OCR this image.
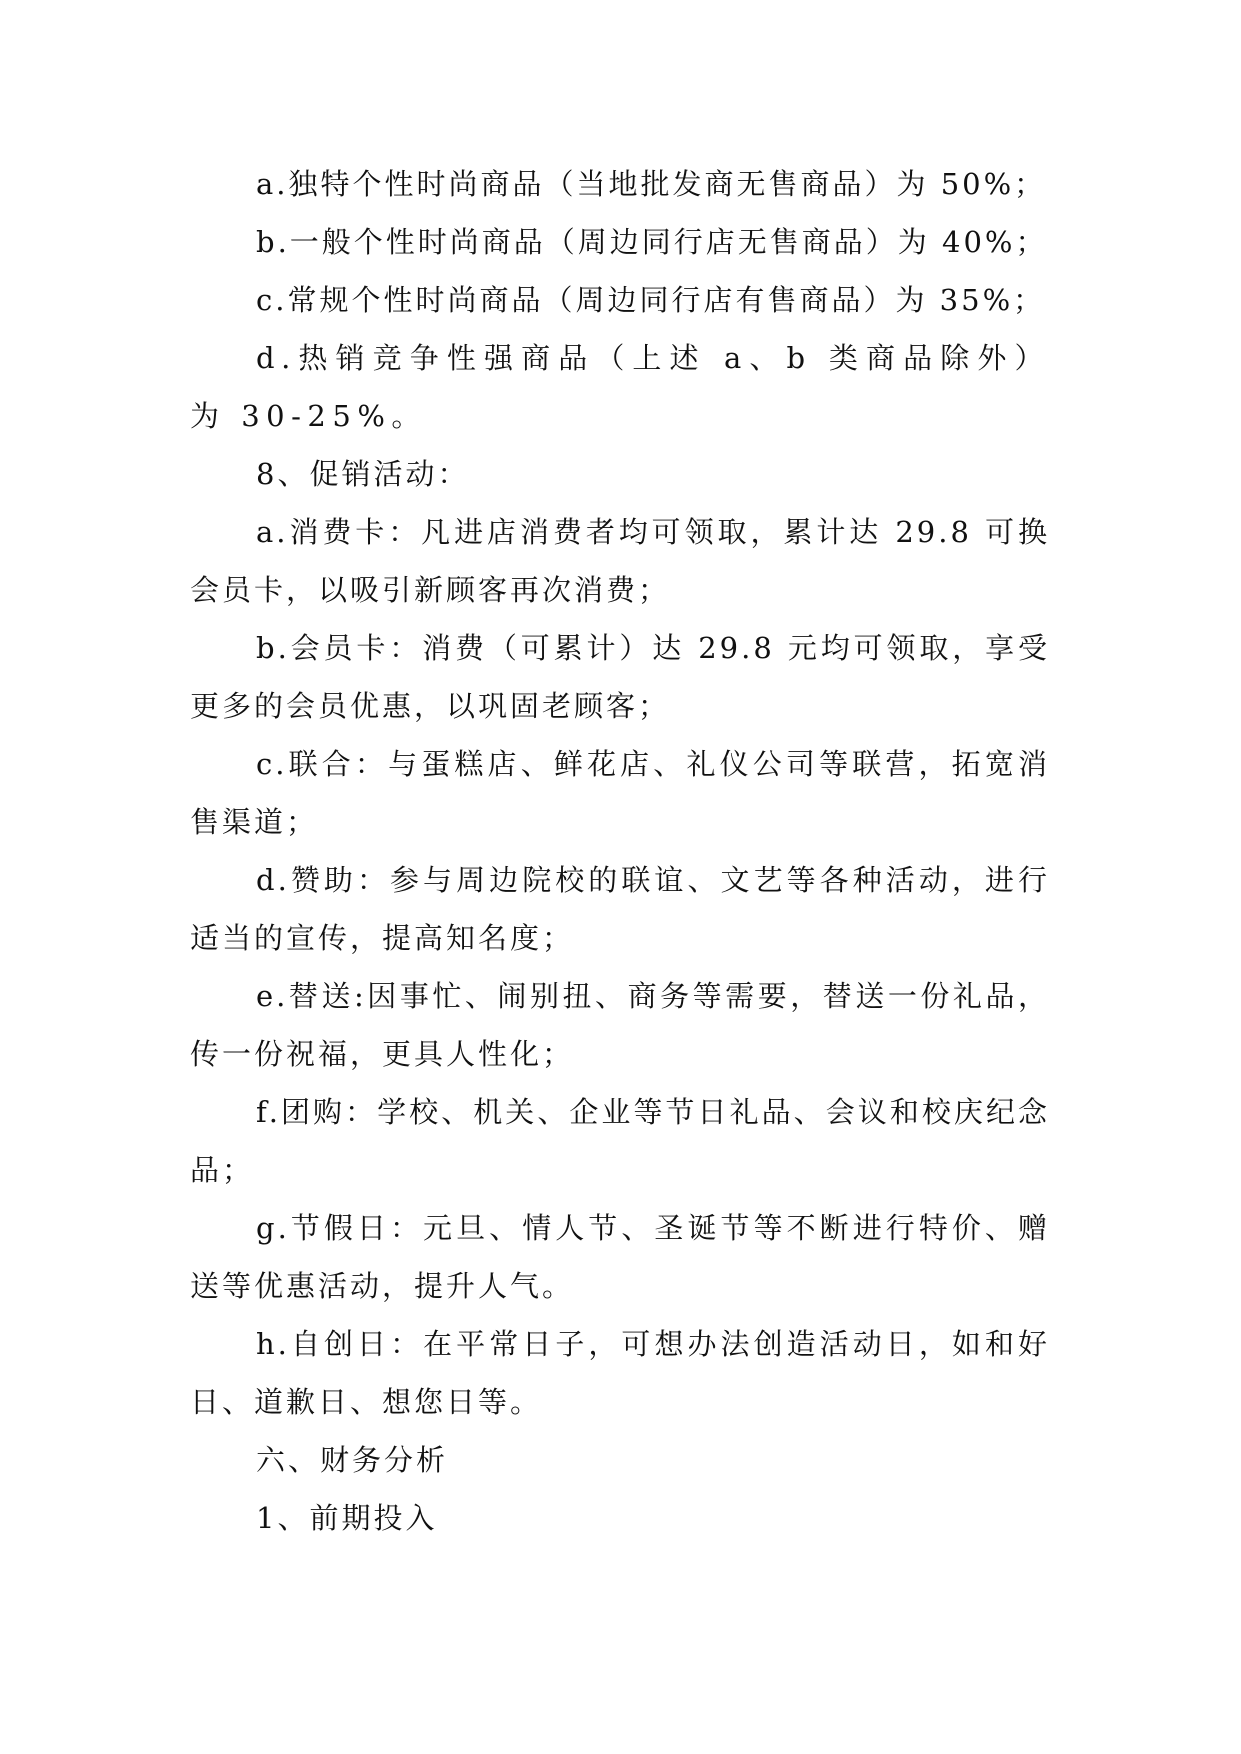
a.独特个性时尚商品（当地批发商无售商品）为 50%；

b.一般个性时尚商品（周边同行店无售商品）为 40%；

c.常规个性时尚商品（周边同行店有售商品）为 35%；

d.热销竞争性强商品（上述 a、b 类商品除外）为 30-25%。

8、促销活动：

a.消费卡：凡进店消费者均可领取，累计达 29.8 可换会员卡，以吸引新顾客再次消费；

b.会员卡：消费（可累计）达 29.8 元均可领取，享受更多的会员优惠，以巩固老顾客；

c.联合：与蛋糕店、鲜花店、礼仪公司等联营，拓宽消售渠道；

d.赞助：参与周边院校的联谊、文艺等各种活动，进行适当的宣传，提高知名度；

e.替送:因事忙、闹别扭、商务等需要，替送一份礼品，传一份祝福，更具人性化；

f.团购：学校、机关、企业等节日礼品、会议和校庆纪念品；

g.节假日：元旦、情人节、圣诞节等不断进行特价、赠送等优惠活动，提升人气。

h.自创日：在平常日子，可想办法创造活动日，如和好日、道歉日、想您日等。

六、财务分析

1、前期投入
